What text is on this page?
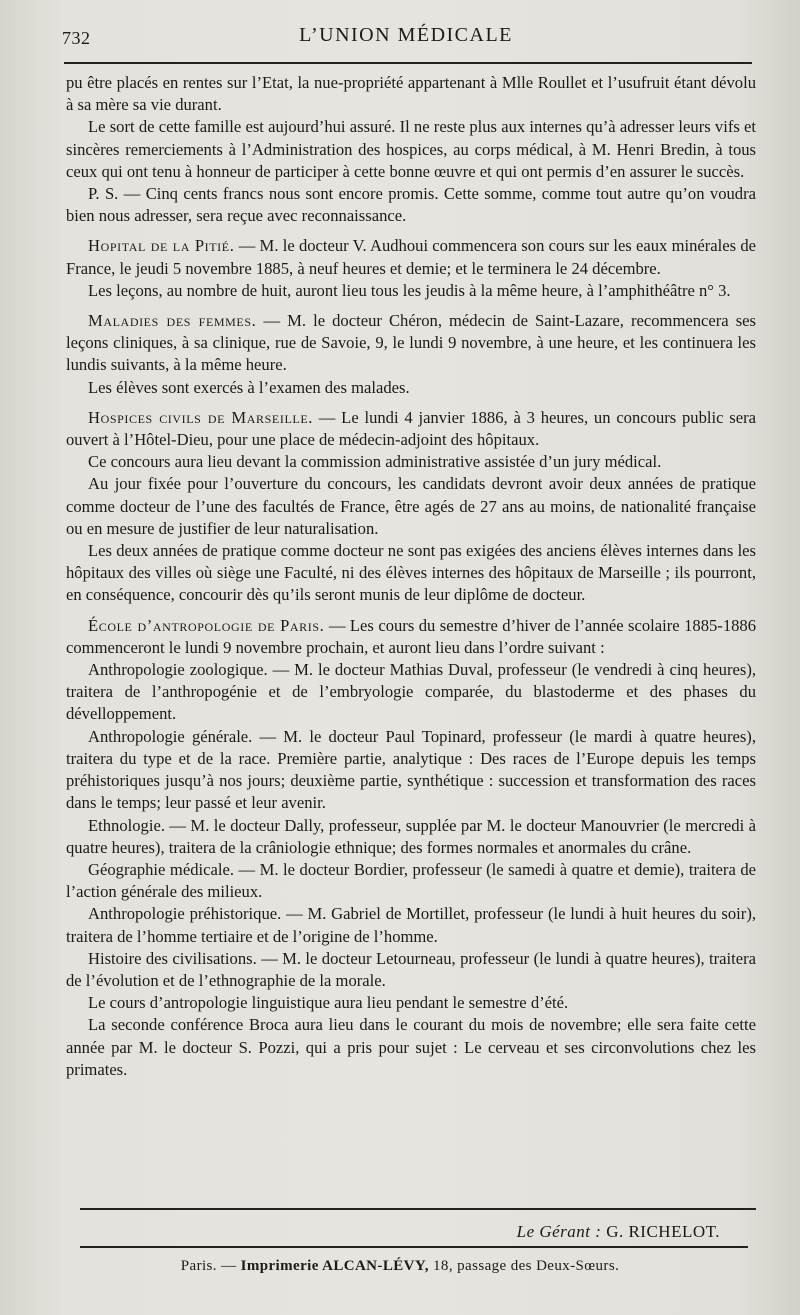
732	L’UNION MÉDICALE

pu être placés en rentes sur l’Etat, la nue-propriété appartenant à Mlle Roullet et l’usufruit étant dévolu à sa mère sa vie durant.

Le sort de cette famille est aujourd’hui assuré. Il ne reste plus aux internes qu’à adresser leurs vifs et sincères remerciements à l’Administration des hospices, au corps médical, à M. Henri Bredin, à tous ceux qui ont tenu à honneur de participer à cette bonne œuvre et qui ont permis d’en assurer le succès.

P. S. — Cinq cents francs nous sont encore promis. Cette somme, comme tout autre qu’on voudra bien nous adresser, sera reçue avec reconnaissance.

Hopital de la Pitié. — M. le docteur V. Audhoui commencera son cours sur les eaux minérales de France, le jeudi 5 novembre 1885, à neuf heures et demie; et le terminera le 24 décembre.

Les leçons, au nombre de huit, auront lieu tous les jeudis à la même heure, à l’amphithéâtre n° 3.

Maladies des femmes. — M. le docteur Chéron, médecin de Saint-Lazare, recommencera ses leçons cliniques, à sa clinique, rue de Savoie, 9, le lundi 9 novembre, à une heure, et les continuera les lundis suivants, à la même heure.

Les élèves sont exercés à l’examen des malades.

Hospices civils de Marseille. — Le lundi 4 janvier 1886, à 3 heures, un concours public sera ouvert à l’Hôtel-Dieu, pour une place de médecin-adjoint des hôpitaux.

Ce concours aura lieu devant la commission administrative assistée d’un jury médical.

Au jour fixée pour l’ouverture du concours, les candidats devront avoir deux années de pratique comme docteur de l’une des facultés de France, être agés de 27 ans au moins, de nationalité française ou en mesure de justifier de leur naturalisation.

Les deux années de pratique comme docteur ne sont pas exigées des anciens élèves internes dans les hôpitaux des villes où siège une Faculté, ni des élèves internes des hôpitaux de Marseille ; ils pourront, en conséquence, concourir dès qu’ils seront munis de leur diplôme de docteur.

École d’antropologie de Paris. — Les cours du semestre d’hiver de l’année scolaire 1885-1886 commenceront le lundi 9 novembre prochain, et auront lieu dans l’ordre suivant :

Anthropologie zoologique. — M. le docteur Mathias Duval, professeur (le vendredi à cinq heures), traitera de l’anthropogénie et de l’embryologie comparée, du blastoderme et des phases du dévelloppement.

Anthropologie générale. — M. le docteur Paul Topinard, professeur (le mardi à quatre heures), traitera du type et de la race. Première partie, analytique : Des races de l’Europe depuis les temps préhistoriques jusqu’à nos jours; deuxième partie, synthétique : succession et transformation des races dans le temps; leur passé et leur avenir.

Ethnologie. — M. le docteur Dally, professeur, supplée par M. le docteur Manouvrier (le mercredi à quatre heures), traitera de la crâniologie ethnique; des formes normales et anormales du crâne.

Géographie médicale. — M. le docteur Bordier, professeur (le samedi à quatre et demie), traitera de l’action générale des milieux.

Anthropologie préhistorique. — M. Gabriel de Mortillet, professeur (le lundi à huit heures du soir), traitera de l’homme tertiaire et de l’origine de l’homme.

Histoire des civilisations. — M. le docteur Letourneau, professeur (le lundi à quatre heures), traitera de l’évolution et de l’ethnographie de la morale.

Le cours d’antropologie linguistique aura lieu pendant le semestre d’été.

La seconde conférence Broca aura lieu dans le courant du mois de novembre; elle sera faite cette année par M. le docteur S. Pozzi, qui a pris pour sujet : Le cerveau et ses circonvolutions chez les primates.

Le Gérant : G. RICHELOT.
Paris. — Imprimerie ALCAN-LÉVY, 18, passage des Deux-Sœurs.
